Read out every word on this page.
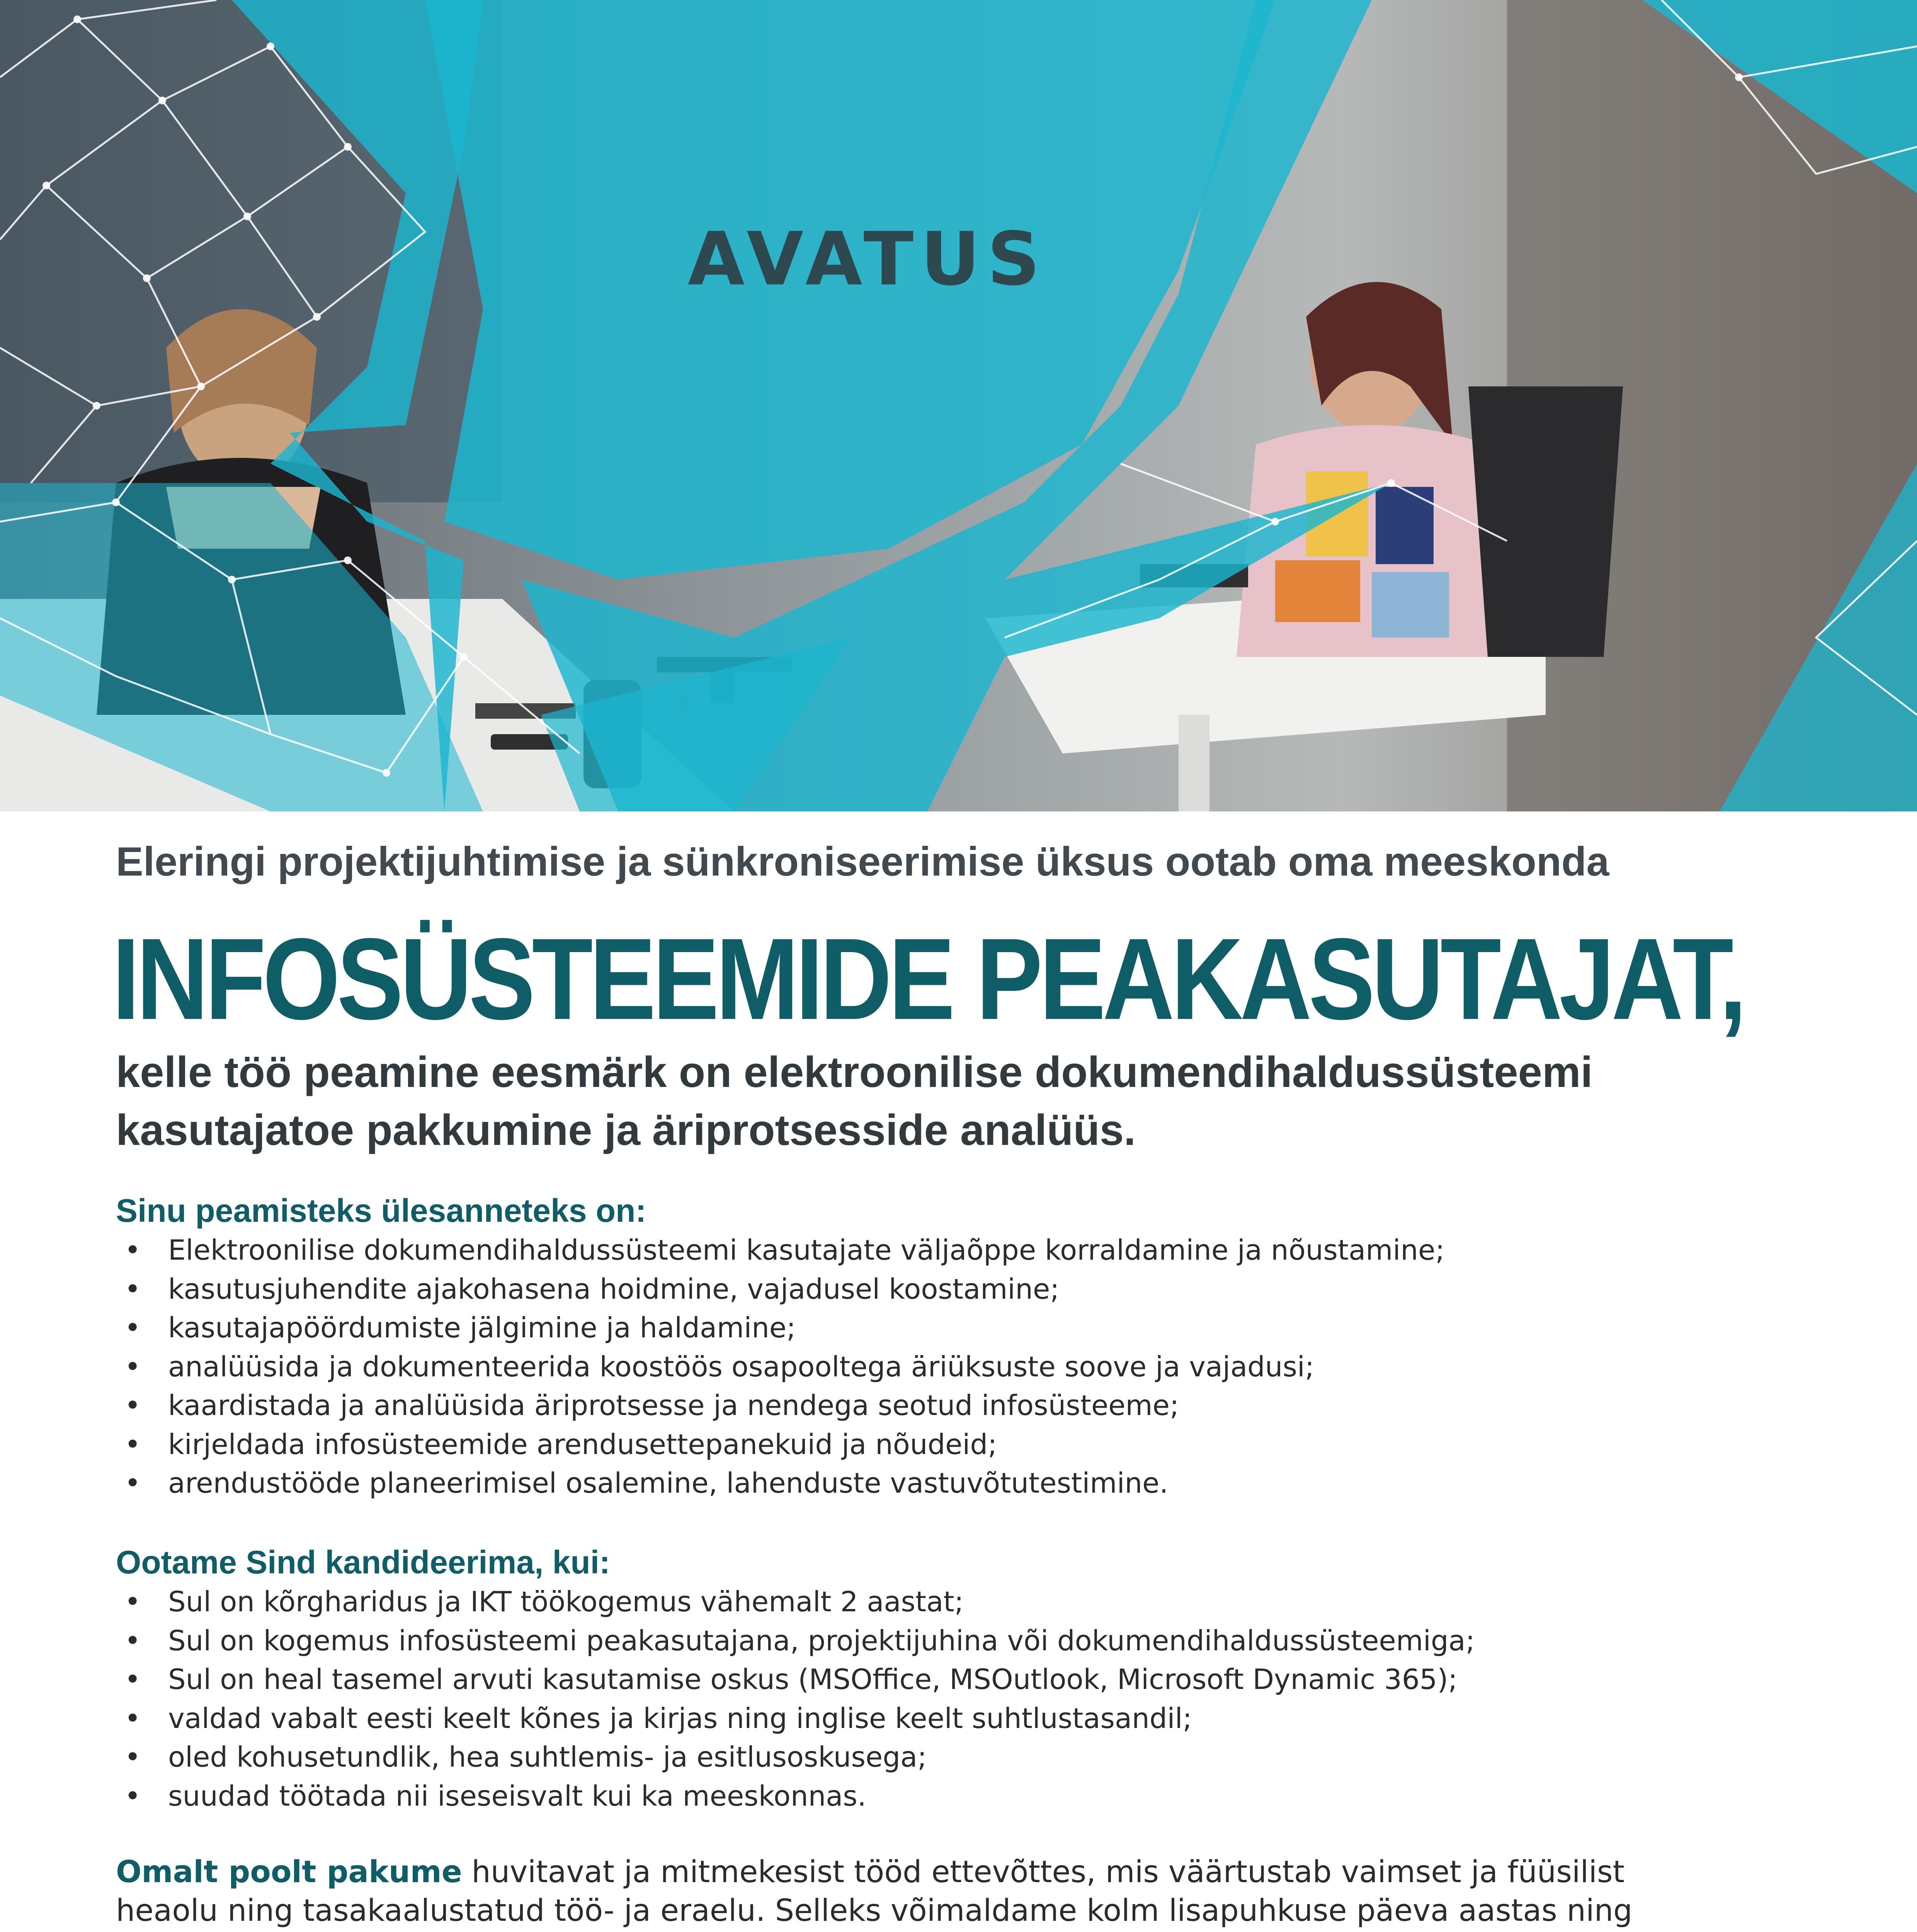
AVATUS
Eleringi projektijuhtimise ja sünkroniseerimise üksus ootab oma meeskonda
INFOSÜSTEEMIDE PEAKASUTAJAT,
kelle töö peamine eesmärk on elektroonilise dokumendihaldussüsteemi
kasutajatoe pakkumine ja äriprotsesside analüüs.
Sinu peamisteks ülesanneteks on:
• Elektroonilise dokumendihaldussüsteemi kasutajate väljaõppe korraldamine ja nõustamine;
• kasutusjuhendite ajakohasena hoidmine, vajadusel koostamine;
• kasutajapöördumiste jälgimine ja haldamine;
• analüüsida ja dokumenteerida koostöös osapooltega äriüksuste soove ja vajadusi;
• kaardistada ja analüüsida äriprotsesse ja nendega seotud infosüsteeme;
• kirjeldada infosüsteemide arendusettepanekuid ja nõudeid;
• arendustööde planeerimisel osalemine, lahenduste vastuvõtutestimine.
Ootame Sind kandideerima, kui:
• Sul on kõrgharidus ja IKT töökogemus vähemalt 2 aastat;
• Sul on kogemus infosüsteemi peakasutajana, projektijuhina või dokumendihaldussüsteemiga;
• Sul on heal tasemel arvuti kasutamise oskus (MSOffice, MSOutlook, Microsoft Dynamic 365);
• valdad vabalt eesti keelt kõnes ja kirjas ning inglise keelt suhtlustasandil;
• oled kohusetundlik, hea suhtlemis- ja esitlusoskusega;
• suudad töötada nii iseseisvalt kui ka meeskonnas.
Omalt poolt pakume huvitavat ja mitmekesist tööd ettevõttes, mis väärtustab vaimset ja füüsilist
heaolu ning tasakaalustatud töö- ja eraelu. Selleks võimaldame kolm lisapuhkuse päeva aastas ning
